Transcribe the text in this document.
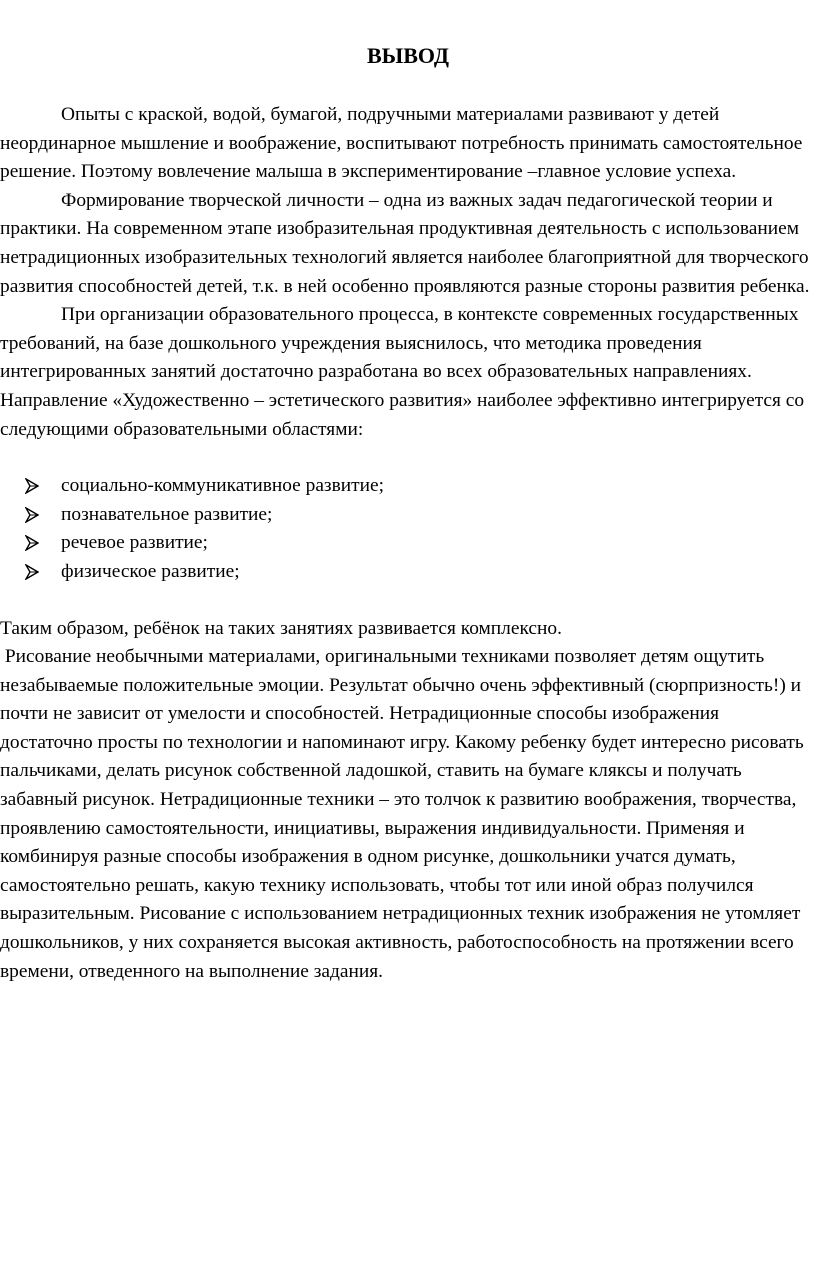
ВЫВОД

Опыты с краской, водой, бумагой, подручными материалами развивают у детей неординарное мышление и воображение, воспитывают потребность принимать самостоятельное решение. Поэтому вовлечение малыша в экспериментирование –главное условие успеха.

Формирование творческой личности – одна из важных задач педагогической теории и практики. На современном этапе изобразительная продуктивная деятельность с использованием нетрадиционных изобразительных технологий является наиболее благоприятной для творческого развития способностей детей, т.к. в ней особенно проявляются разные стороны развития ребенка.

При организации образовательного процесса, в контексте современных государственных требований, на базе дошкольного учреждения выяснилось, что методика проведения интегрированных занятий достаточно разработана во всех образовательных направлениях. Направление «Художественно – эстетического развития» наиболее эффективно интегрируется со следующими образовательными областями:

социально-коммуникативное развитие;
познавательное развитие;
речевое развитие;
физическое развитие;

Таким образом, ребёнок на таких занятиях развивается комплексно.

Рисование необычными материалами, оригинальными техниками позволяет детям ощутить незабываемые положительные эмоции. Результат обычно очень эффективный (сюрпризность!) и почти не зависит от умелости и способностей. Нетрадиционные способы изображения достаточно просты по технологии и напоминают игру. Какому ребенку будет интересно рисовать пальчиками, делать рисунок собственной ладошкой, ставить на бумаге кляксы и получать забавный рисунок. Нетрадиционные техники – это толчок к развитию воображения, творчества, проявлению самостоятельности, инициативы, выражения индивидуальности. Применяя и комбинируя разные способы изображения в одном рисунке, дошкольники учатся думать, самостоятельно решать, какую технику использовать, чтобы тот или иной образ получился выразительным. Рисование с использованием нетрадиционных техник изображения не утомляет дошкольников, у них сохраняется высокая активность, работоспособность на протяжении всего времени, отведенного на выполнение задания.
